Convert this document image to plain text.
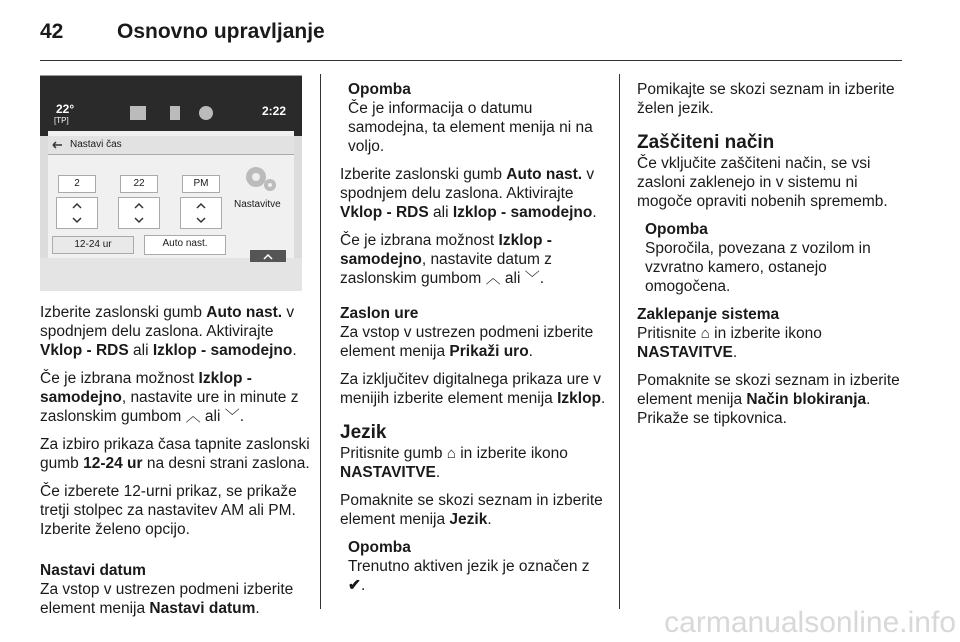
42	Osnovno upravljanje
22°
[TP]
2:22
Nastavi čas
2	22	PM
Nastavitve
12-24 ur	Auto nast.

Izberite zaslonski gumb Auto nast. v spodnjem delu zaslona. Aktivirajte Vklop - RDS ali Izklop - samodejno.

Če je izbrana možnost Izklop - samodejno, nastavite ure in minute z zaslonskim gumbom ︿ ali ﹀.

Za izbiro prikaza časa tapnite zaslonski gumb 12-24 ur na desni strani zaslona.

Če izberete 12-urni prikaz, se prikaže tretji stolpec za nastavitev AM ali PM. Izberite želeno opcijo.

Nastavi datum

Za vstop v ustrezen podmeni izberite element menija Nastavi datum.

Opomba
Če je informacija o datumu samodejna, ta element menija ni na voljo.

Izberite zaslonski gumb Auto nast. v spodnjem delu zaslona. Aktivirajte Vklop - RDS ali Izklop - samodejno.

Če je izbrana možnost Izklop - samodejno, nastavite datum z zaslonskim gumbom ︿ ali ﹀.

Zaslon ure

Za vstop v ustrezen podmeni izberite element menija Prikaži uro.

Za izključitev digitalnega prikaza ure v menijih izberite element menija Izklop.

Jezik

Pritisnite gumb ⌂ in izberite ikono NASTAVITVE.

Pomaknite se skozi seznam in izberite element menija Jezik.

Opomba
Trenutno aktiven jezik je označen z ✔.

Pomikajte se skozi seznam in izberite želen jezik.

Zaščiteni način

Če vključite zaščiteni način, se vsi zasloni zaklenejo in v sistemu ni mogoče opraviti nobenih sprememb.

Opomba
Sporočila, povezana z vozilom in vzvratno kamero, ostanejo omogočena.
Zaklepanje sistema

Pritisnite ⌂ in izberite ikono NASTAVITVE.

Pomaknite se skozi seznam in izberite element menija Način blokiranja. Prikaže se tipkovnica.

carmanualsonline.info
